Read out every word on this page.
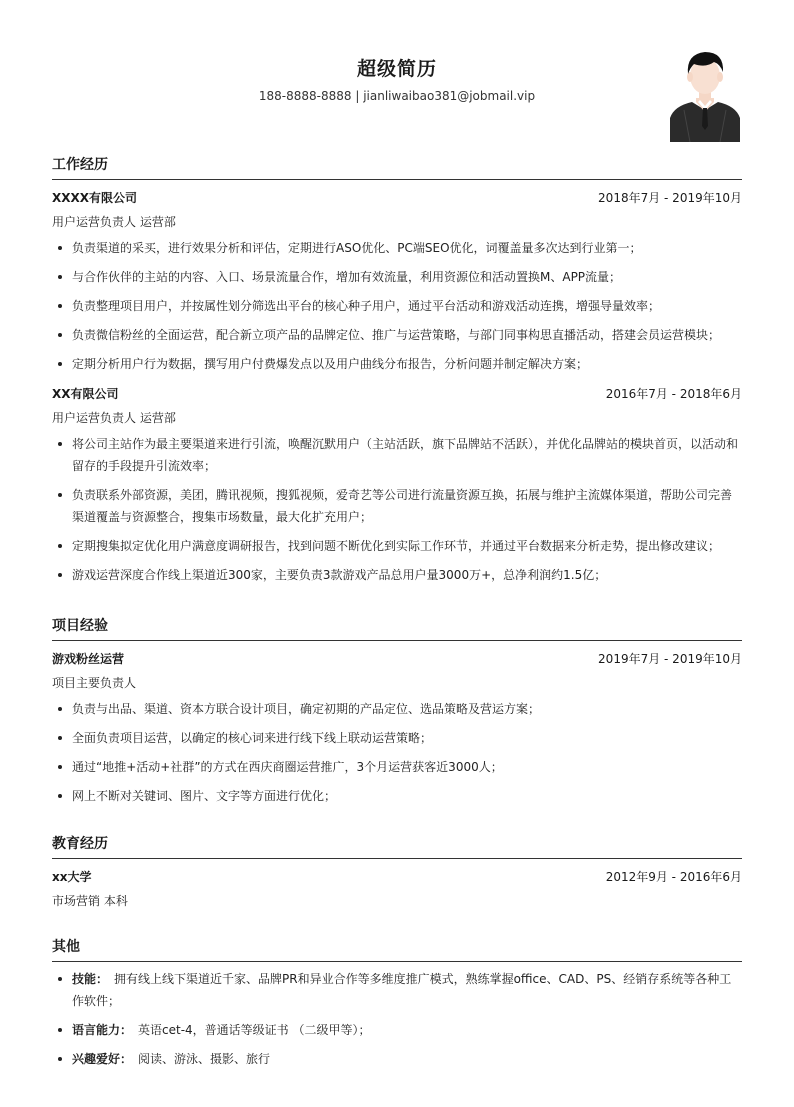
超级简历
188-8888-8888 | jianliwaibao381@jobmail.vip
工作经历
XXXX有限公司	2018年7月 - 2019年10月
用户运营负责人 运营部
负责渠道的采买，进行效果分析和评估，定期进行ASO优化、PC端SEO优化，词覆盖量多次达到行业第一；
与合作伙伴的主站的内容、入口、场景流量合作，增加有效流量，利用资源位和活动置换M、APP流量；
负责整理项目用户，并按属性划分筛选出平台的核心种子用户，通过平台活动和游戏活动连携，增强导量效率；
负责微信粉丝的全面运营，配合新立项产品的品牌定位、推广与运营策略，与部门同事构思直播活动，搭建会员运营模块；
定期分析用户行为数据，撰写用户付费爆发点以及用户曲线分布报告，分析问题并制定解决方案；
XX有限公司	2016年7月 - 2018年6月
用户运营负责人 运营部
将公司主站作为最主要渠道来进行引流，唤醒沉默用户（主站活跃，旗下品牌站不活跃），并优化品牌站的模块首页，以活动和留存的手段提升引流效率；
负责联系外部资源，美团，腾讯视频，搜狐视频，爱奇艺等公司进行流量资源互换，拓展与维护主流媒体渠道，帮助公司完善渠道覆盖与资源整合，搜集市场数量，最大化扩充用户；
定期搜集拟定优化用户满意度调研报告，找到问题不断优化到实际工作环节，并通过平台数据来分析走势，提出修改建议；
游戏运营深度合作线上渠道近300家，主要负责3款游戏产品总用户量3000万+，总净利润约1.5亿；
项目经验
游戏粉丝运营	2019年7月 - 2019年10月
项目主要负责人
负责与出品、渠道、资本方联合设计项目，确定初期的产品定位、选品策略及营运方案；
全面负责项目运营，以确定的核心词来进行线下线上联动运营策略；
通过“地推+活动+社群”的方式在西庆商圈运营推广，3个月运营获客近3000人；
网上不断对关键词、图片、文字等方面进行优化；
教育经历
xx大学	2012年9月 - 2016年6月
市场营销 本科
其他
技能： 拥有线上线下渠道近千家、品牌PR和异业合作等多维度推广模式，熟练掌握office、CAD、PS、经销存系统等各种工作软件；
语言能力： 英语cet-4，普通话等级证书 （二级甲等）；
兴趣爱好： 阅读、游泳、摄影、旅行
